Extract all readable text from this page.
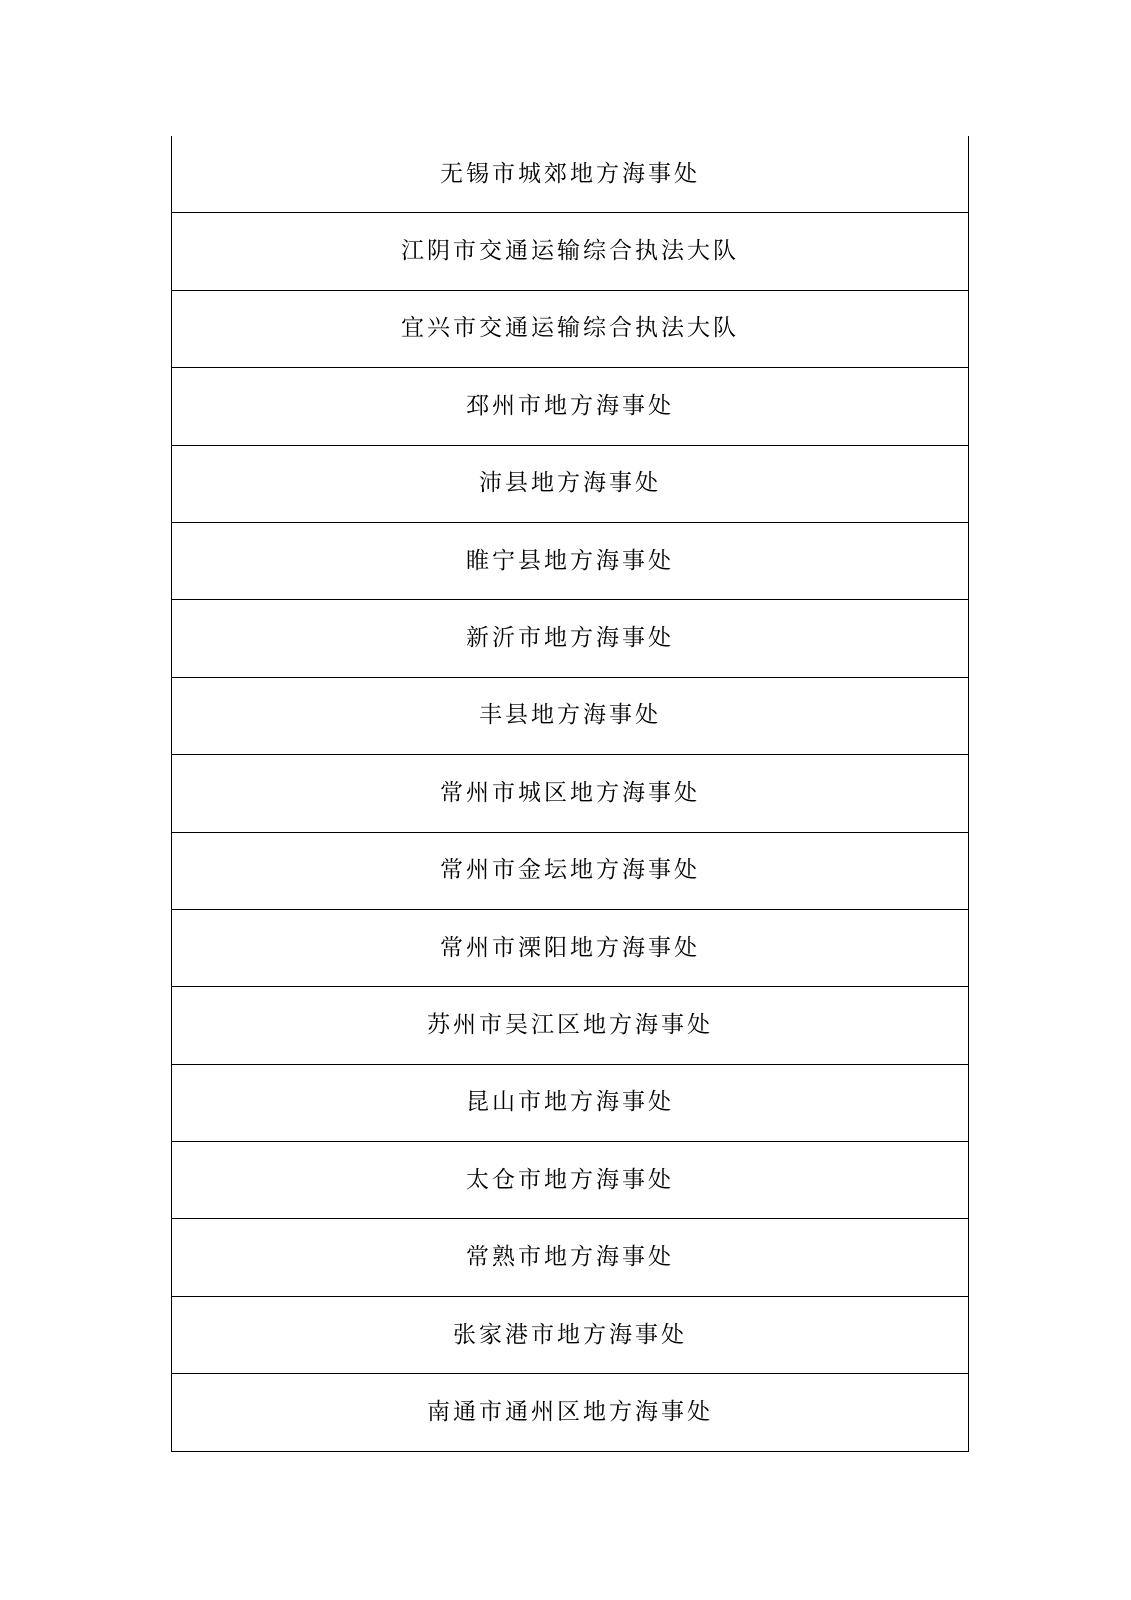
无锡市城郊地方海事处
江阴市交通运输综合执法大队
宜兴市交通运输综合执法大队
邳州市地方海事处
沛县地方海事处
睢宁县地方海事处
新沂市地方海事处
丰县地方海事处
常州市城区地方海事处
常州市金坛地方海事处
常州市溧阳地方海事处
苏州市吴江区地方海事处
昆山市地方海事处
太仓市地方海事处
常熟市地方海事处
张家港市地方海事处
南通市通州区地方海事处
